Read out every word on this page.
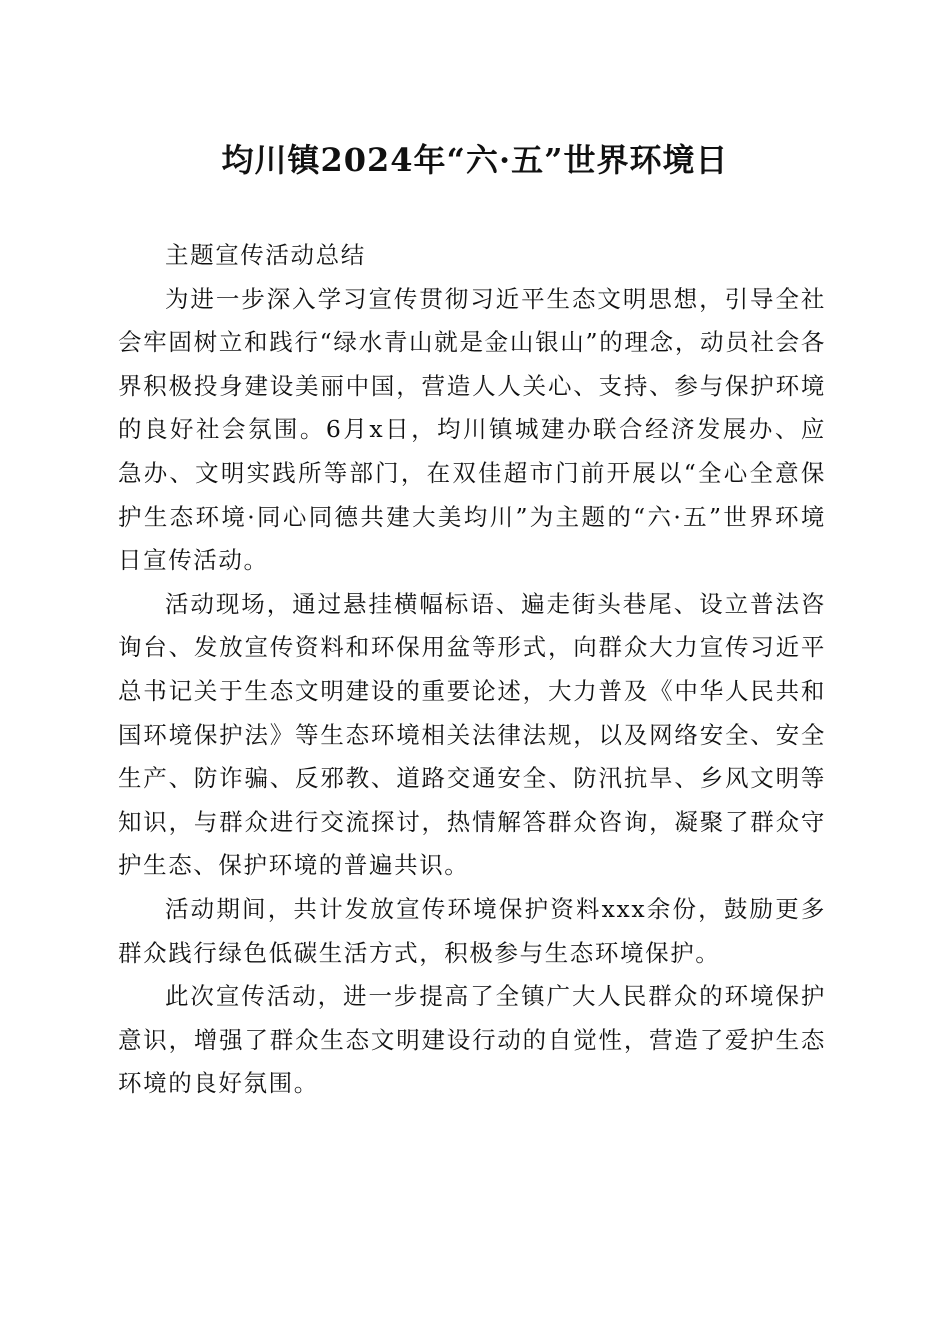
均川镇2024年“六·五”世界环境日

主题宣传活动总结

为进一步深入学习宣传贯彻习近平生态文明思想，引导全社会牢固树立和践行“绿水青山就是金山银山”的理念，动员社会各界积极投身建设美丽中国，营造人人关心、支持、参与保护环境的良好社会氛围。6月x日，均川镇城建办联合经济发展办、应急办、文明实践所等部门，在双佳超市门前开展以“全心全意保护生态环境·同心同德共建大美均川”为主题的“六·五”世界环境日宣传活动。

活动现场，通过悬挂横幅标语、遍走街头巷尾、设立普法咨询台、发放宣传资料和环保用盆等形式，向群众大力宣传习近平总书记关于生态文明建设的重要论述，大力普及《中华人民共和国环境保护法》等生态环境相关法律法规，以及网络安全、安全生产、防诈骗、反邪教、道路交通安全、防汛抗旱、乡风文明等知识，与群众进行交流探讨，热情解答群众咨询，凝聚了群众守护生态、保护环境的普遍共识。

活动期间，共计发放宣传环境保护资料xxx余份，鼓励更多群众践行绿色低碳生活方式，积极参与生态环境保护。

此次宣传活动，进一步提高了全镇广大人民群众的环境保护意识，增强了群众生态文明建设行动的自觉性，营造了爱护生态环境的良好氛围。
